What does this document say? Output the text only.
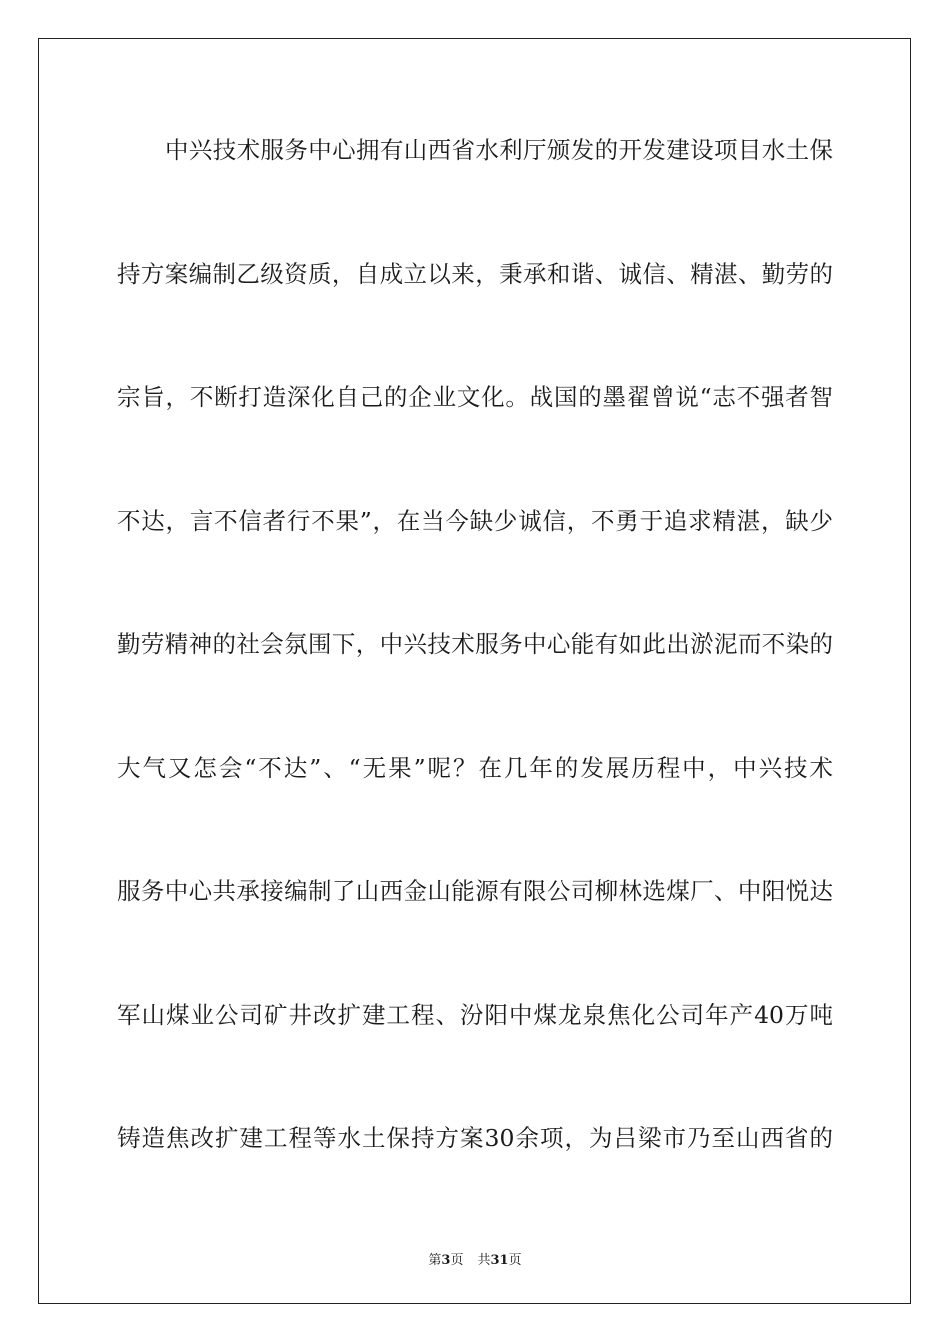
中兴技术服务中心拥有山西省水利厅颁发的开发建设项目水土保
持方案编制乙级资质，自成立以来，秉承和谐、诚信、精湛、勤劳的
宗旨，不断打造深化自己的企业文化。战国的墨翟曾说“志不强者智
不达，言不信者行不果”，在当今缺少诚信，不勇于追求精湛，缺少
勤劳精神的社会氛围下，中兴技术服务中心能有如此出淤泥而不染的
大气又怎会“不达”、“无果”呢？在几年的发展历程中，中兴技术
服务中心共承接编制了山西金山能源有限公司柳林选煤厂、中阳悦达
军山煤业公司矿井改扩建工程、汾阳中煤龙泉焦化公司年产40万吨
铸造焦改扩建工程等水土保持方案30余项，为吕梁市乃至山西省的
第3页 共31页
